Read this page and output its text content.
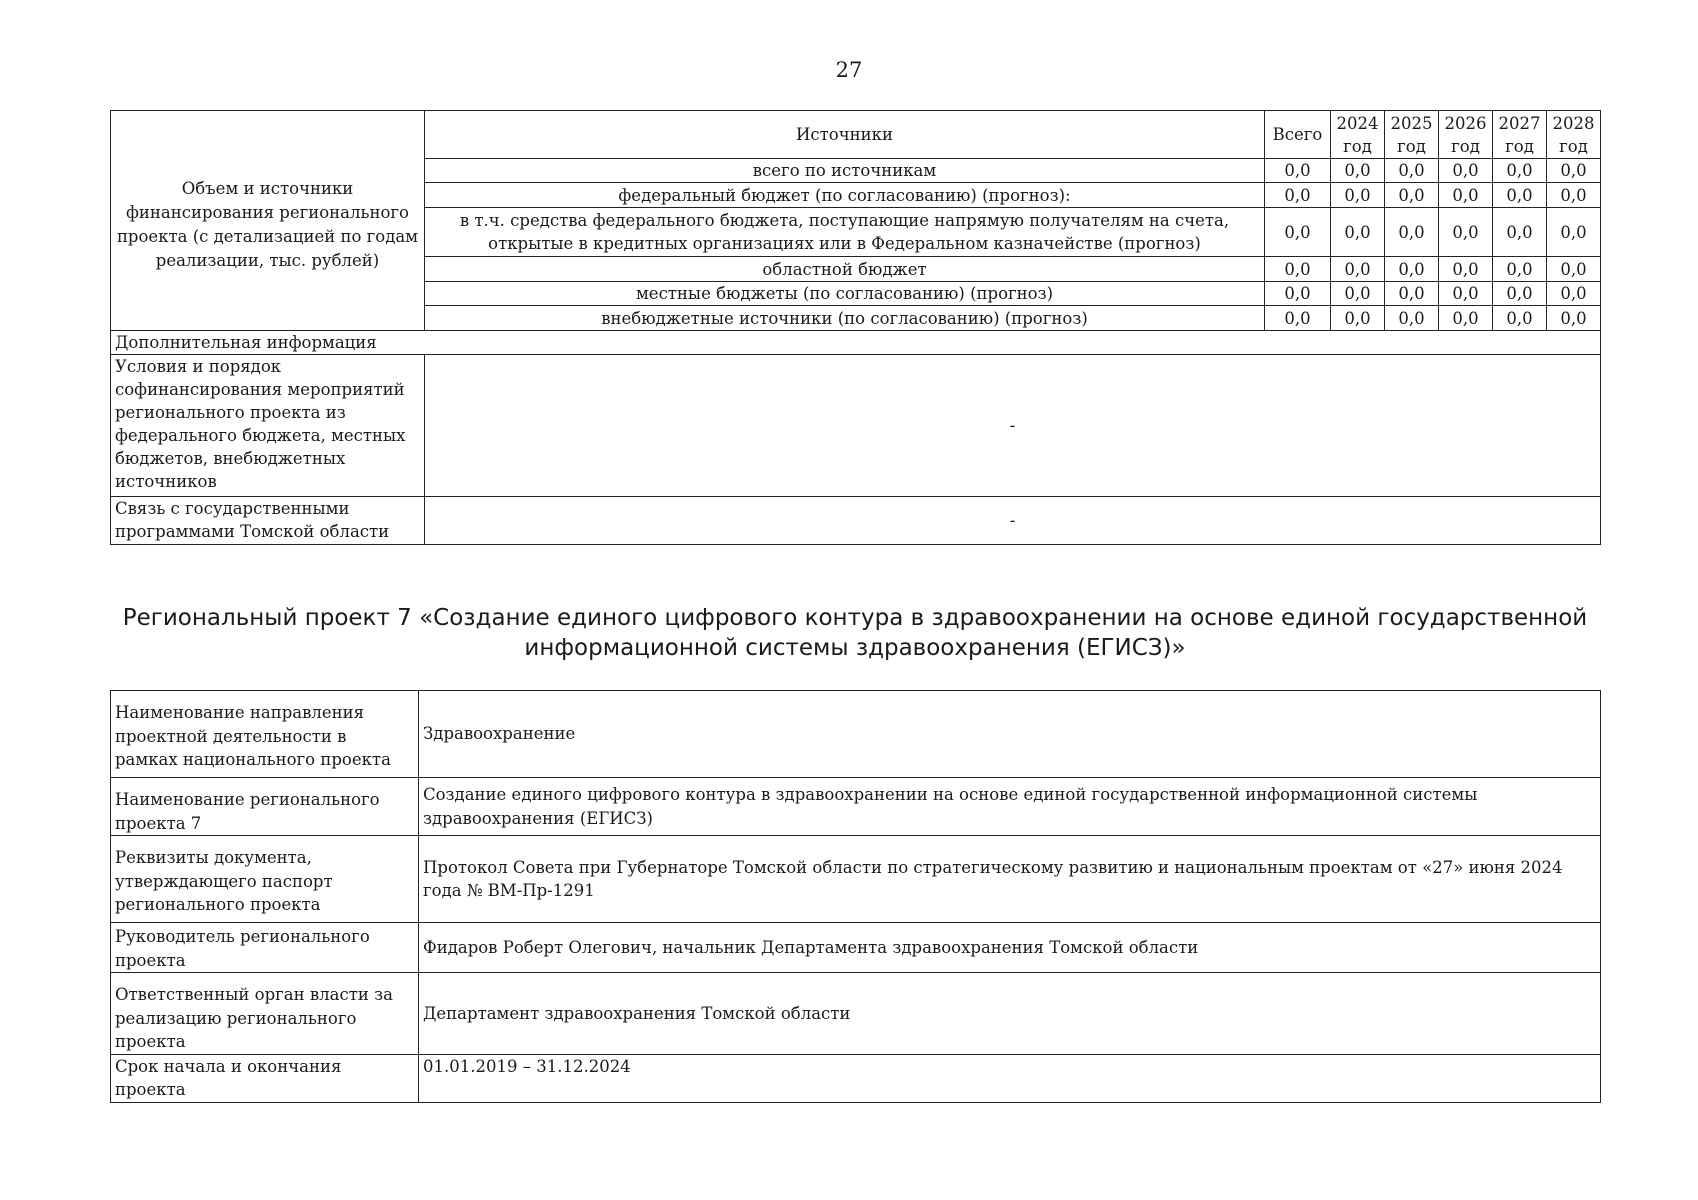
27
Объем и источники финансирования регионального проекта (с детализацией по годам реализации, тыс. рублей)	Источники	Всего	2024 год	2025 год	2026 год	2027 год	2028 год
	всего по источникам	0,0	0,0	0,0	0,0	0,0	0,0
	федеральный бюджет (по согласованию) (прогноз):	0,0	0,0	0,0	0,0	0,0	0,0
	в т.ч. средства федерального бюджета, поступающие напрямую получателям на счета, открытые в кредитных организациях или в Федеральном казначействе (прогноз)	0,0	0,0	0,0	0,0	0,0	0,0
	областной бюджет	0,0	0,0	0,0	0,0	0,0	0,0
	местные бюджеты (по согласованию) (прогноз)	0,0	0,0	0,0	0,0	0,0	0,0
	внебюджетные источники (по согласованию) (прогноз)	0,0	0,0	0,0	0,0	0,0	0,0
Дополнительная информация							
Условия и порядок софинансирования мероприятий регионального проекта из федерального бюджета, местных бюджетов, внебюджетных источников	-						
Связь с государственными программами Томской области	-						
Региональный проект 7 «Создание единого цифрового контура в здравоохранении на основе единой государственной информационной системы здравоохранения (ЕГИСЗ)»
Наименование направления проектной деятельности в рамках национального проекта	Здравоохранение
Наименование регионального проекта 7	Создание единого цифрового контура в здравоохранении на основе единой государственной информационной системы здравоохранения (ЕГИСЗ)
Реквизиты документа, утверждающего паспорт регионального проекта	Протокол Совета при Губернаторе Томской области по стратегическому развитию и национальным проектам от «27» июня 2024 года № ВМ-Пр-1291
Руководитель регионального проекта	Фидаров Роберт Олегович, начальник Департамента здравоохранения Томской области
Ответственный орган власти за реализацию регионального проекта	Департамент здравоохранения Томской области
Срок начала и окончания проекта	01.01.2019 – 31.12.2024
